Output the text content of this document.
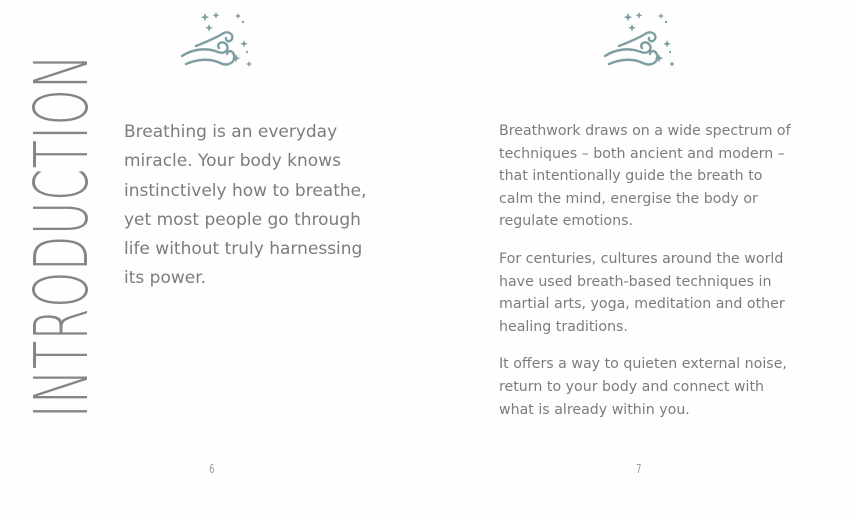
INTRODUCTION Breathing is an everyday miracle. Your body knows instinctively how to breathe, yet most people go through life without truly harnessing its power.

6

Breathwork draws on a wide spectrum of techniques – both ancient and modern – that intentionally guide the breath to calm the mind, energise the body or regulate emotions.

For centuries, cultures around the world have used breath-based techniques in martial arts, yoga, meditation and other healing traditions.

It offers a way to quieten external noise, return to your body and connect with what is already within you.

7
